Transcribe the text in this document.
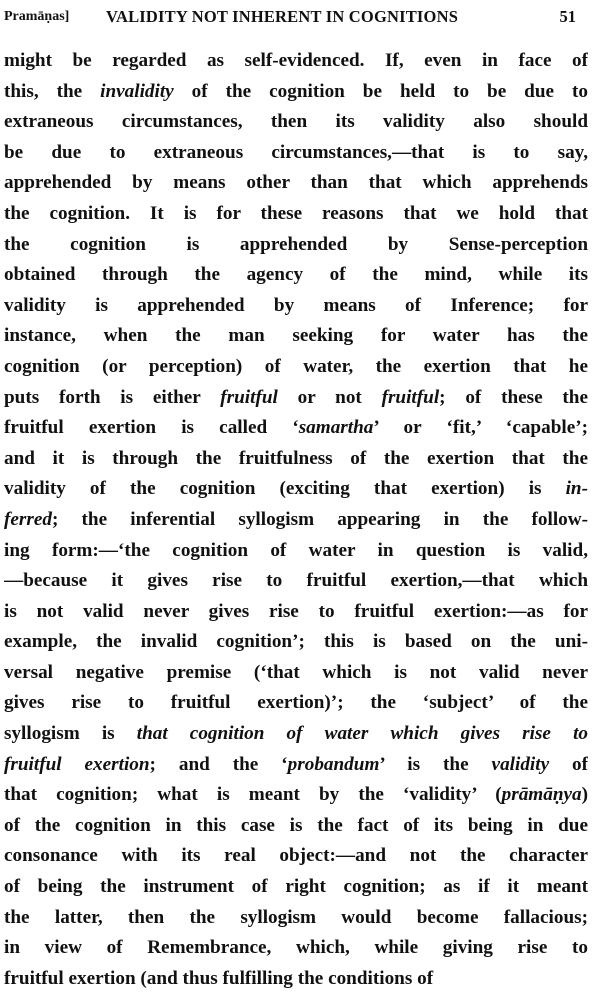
Pramāṇas] VALIDITY NOT INHERENT IN COGNITIONS	51
might be regarded as self-evidenced. If, even in face of
this, the invalidity of the cognition be held to be due to
extraneous circumstances, then its validity also should
be due to extraneous circumstances,—that is to say,
apprehended by means other than that which apprehends
the cognition. It is for these reasons that we hold that
the cognition is apprehended by Sense-perception
obtained through the agency of the mind, while its
validity is apprehended by means of Inference; for
instance, when the man seeking for water has the
cognition (or perception) of water, the exertion that he
puts forth is either fruitful or not fruitful; of these the
fruitful exertion is called ‘samartha’ or ‘fit,’ ‘capable’;
and it is through the fruitfulness of the exertion that the
validity of the cognition (exciting that exertion) is in-
ferred; the inferential syllogism appearing in the follow-
ing form:—‘the cognition of water in question is valid,
—because it gives rise to fruitful exertion,—that which
is not valid never gives rise to fruitful exertion:—as for
example, the invalid cognition’; this is based on the uni-
versal negative premise (‘that which is not valid never
gives rise to fruitful exertion)’; the ‘subject’ of the
syllogism is that cognition of water which gives rise to
fruitful exertion; and the ‘probandum’ is the validity of
that cognition; what is meant by the ‘validity’ (prāmāṇya)
of the cognition in this case is the fact of its being in due
consonance with its real object:—and not the character
of being the instrument of right cognition; as if it meant
the latter, then the syllogism would become fallacious;
in view of Remembrance, which, while giving rise to
fruitful exertion (and thus fulfilling the conditions of
